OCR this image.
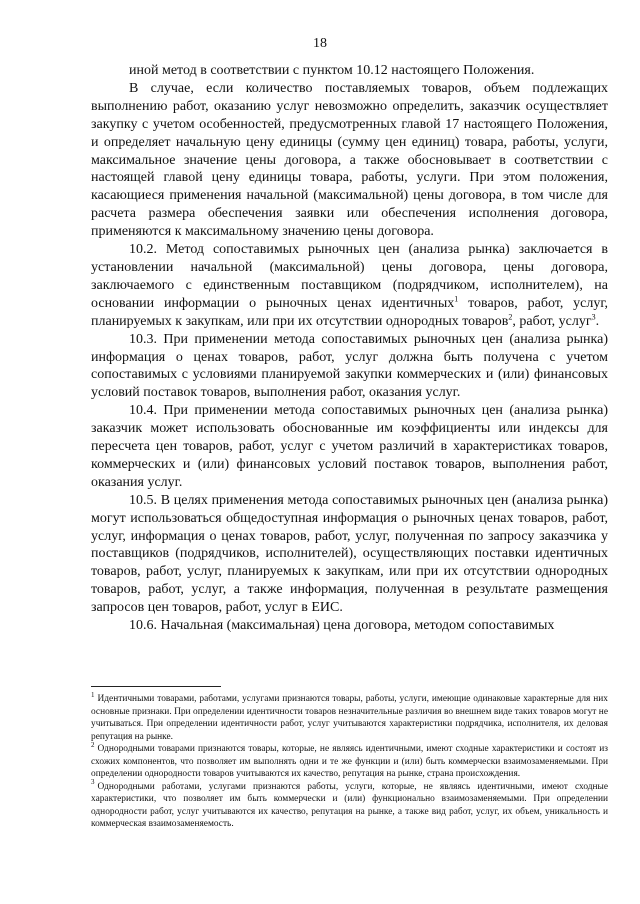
18

иной метод в соответствии с пунктом 10.12 настоящего Положения.

В случае, если количество поставляемых товаров, объем подлежащих выполнению работ, оказанию услуг невозможно определить, заказчик осуществляет закупку с учетом особенностей, предусмотренных главой 17 настоящего Положения, и определяет начальную цену единицы (сумму цен единиц) товара, работы, услуги, максимальное значение цены договора, а также обосновывает в соответствии с настоящей главой цену единицы товара, работы, услуги. При этом положения, касающиеся применения начальной (максимальной) цены договора, в том числе для расчета размера обеспечения заявки или обеспечения исполнения договора, применяются к максимальному значению цены договора.

10.2. Метод сопоставимых рыночных цен (анализа рынка) заключается в установлении начальной (максимальной) цены договора, цены договора, заключаемого с единственным поставщиком (подрядчиком, исполнителем), на основании информации о рыночных ценах идентичных$^1$ товаров, работ, услуг, планируемых к закупкам, или при их отсутствии однородных товаров$^2$, работ, услуг$^3$.

10.3. При применении метода сопоставимых рыночных цен (анализа рынка) информация о ценах товаров, работ, услуг должна быть получена с учетом сопоставимых с условиями планируемой закупки коммерческих и (или) финансовых условий поставок товаров, выполнения работ, оказания услуг.

10.4. При применении метода сопоставимых рыночных цен (анализа рынка) заказчик может использовать обоснованные им коэффициенты или индексы для пересчета цен товаров, работ, услуг с учетом различий в характеристиках товаров, коммерческих и (или) финансовых условий поставок товаров, выполнения работ, оказания услуг.

10.5. В целях применения метода сопоставимых рыночных цен (анализа рынка) могут использоваться общедоступная информация о рыночных ценах товаров, работ, услуг, информация о ценах товаров, работ, услуг, полученная по запросу заказчика у поставщиков (подрядчиков, исполнителей), осуществляющих поставки идентичных товаров, работ, услуг, планируемых к закупкам, или при их отсутствии однородных товаров, работ, услуг, а также информация, полученная в результате размещения запросов цен товаров, работ, услуг в ЕИС.

10.6. Начальная (максимальная) цена договора, методом сопоставимых

$^1$ Идентичными товарами, работами, услугами признаются товары, работы, услуги, имеющие одинаковые характерные для них основные признаки. При определении идентичности товаров незначительные различия во внешнем виде таких товаров могут не учитываться. При определении идентичности работ, услуг учитываются характеристики подрядчика, исполнителя, их деловая репутация на рынке.

$^2$ Однородными товарами признаются товары, которые, не являясь идентичными, имеют сходные характеристики и состоят из схожих компонентов, что позволяет им выполнять одни и те же функции и (или) быть коммерчески взаимозаменяемыми. При определении однородности товаров учитываются их качество, репутация на рынке, страна происхождения.

$^3$ Однородными работами, услугами признаются работы, услуги, которые, не являясь идентичными, имеют сходные характеристики, что позволяет им быть коммерчески и (или) функционально взаимозаменяемыми. При определении однородности работ, услуг учитываются их качество, репутация на рынке, а также вид работ, услуг, их объем, уникальность и коммерческая взаимозаменяемость.
